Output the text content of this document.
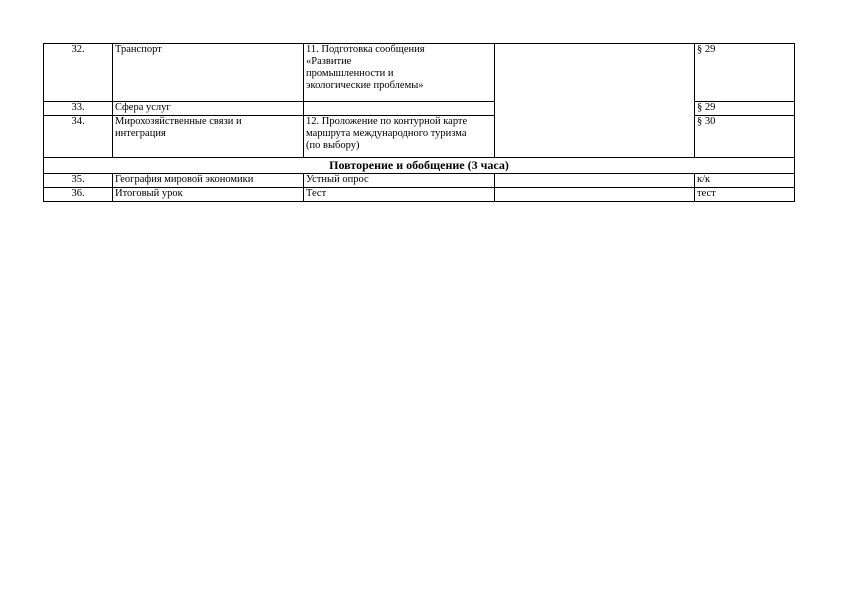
32.	Транспорт	11. Подготовка сообщения
«Развитие
промышленности и
экологические проблемы»		§ 29
33.	Сфера услуг			§ 29
34.	Мирохозяйственные связи и
интеграция	12. Проложение по контурной карте
маршрута международного туризма
(по выбору)		§ 30
Повторение и обобщение (3 часа)				
35.	География мировой экономики	Устный опрос		к/к
36.	Итоговый урок	Тест		тест
